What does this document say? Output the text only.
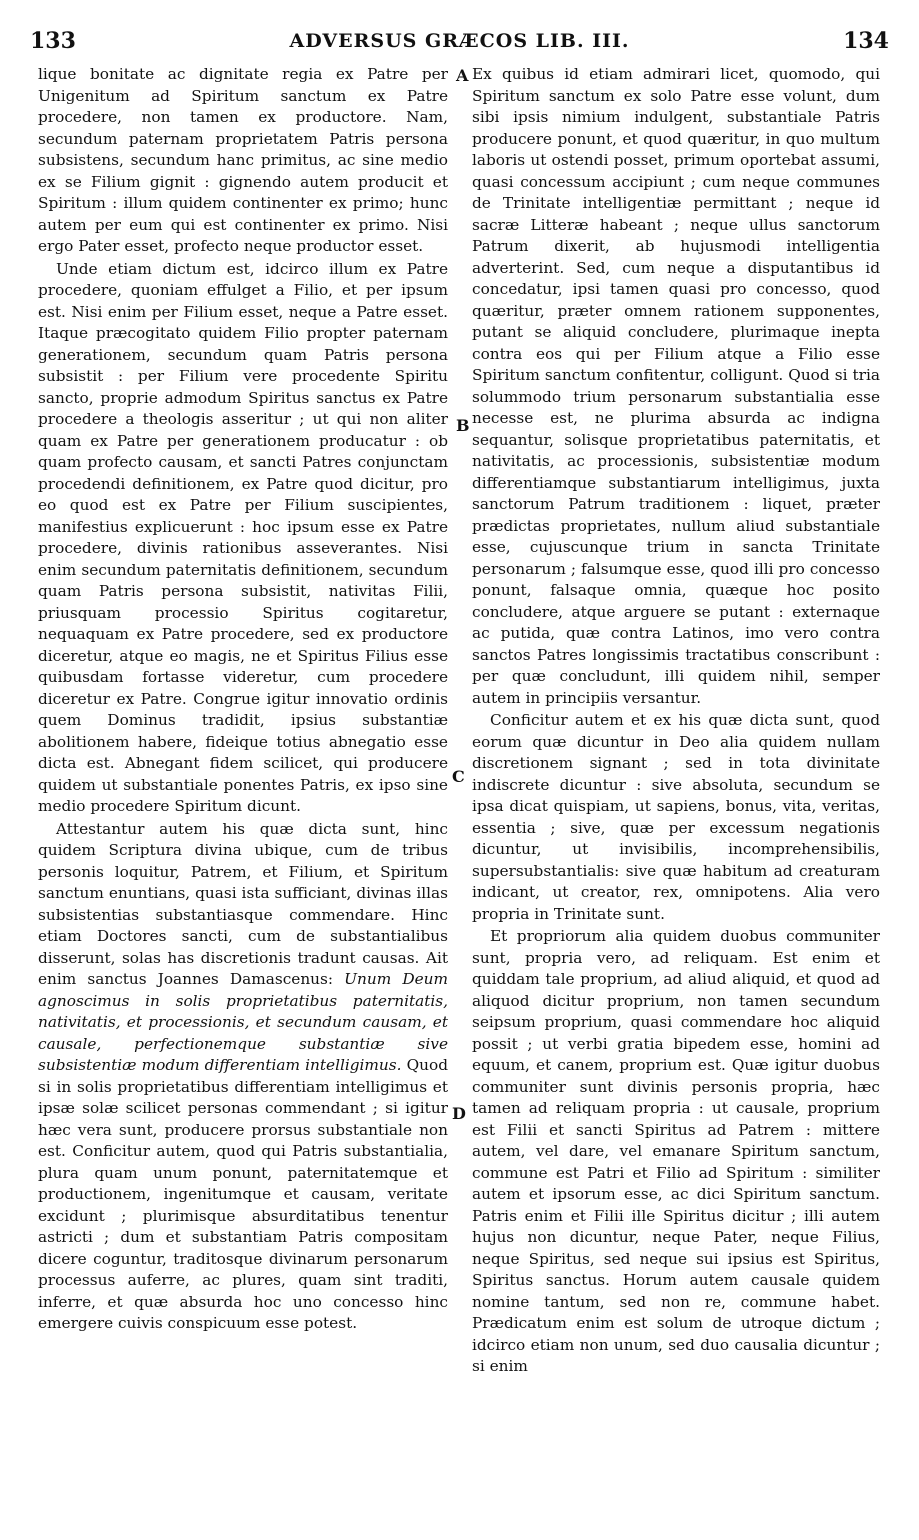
133	ADVERSUS GRÆCOS LIB. III.	134
A
B
C
D

lique bonitate ac dignitate regia ex Patre per Unigenitum ad Spiritum sanctum ex Patre procedere, non tamen ex productore. Nam, secundum paternam proprietatem Patris persona subsistens, secundum hanc primitus, ac sine medio ex se Filium gignit : gignendo autem producit et Spiritum : illum quidem continenter ex primo; hunc autem per eum qui est continenter ex primo. Nisi ergo Pater esset, profecto neque productor esset.

Unde etiam dictum est, idcirco illum ex Patre procedere, quoniam effulget a Filio, et per ipsum est. Nisi enim per Filium esset, neque a Patre esset. Itaque præcogitato quidem Filio propter paternam generationem, secundum quam Patris persona subsistit : per Filium vere procedente Spiritu sancto, proprie admodum Spiritus sanctus ex Patre procedere a theologis asseritur ; ut qui non aliter quam ex Patre per generationem producatur : ob quam profecto causam, et sancti Patres conjunctam procedendi definitionem, ex Patre quod dicitur, pro eo quod est ex Patre per Filium suscipientes, manifestius explicuerunt : hoc ipsum esse ex Patre procedere, divinis rationibus asseverantes. Nisi enim secundum paternitatis definitionem, secundum quam Patris persona subsistit, nativitas Filii, priusquam processio Spiritus cogitaretur, nequaquam ex Patre procedere, sed ex productore diceretur, atque eo magis, ne et Spiritus Filius esse quibusdam fortasse videretur, cum procedere diceretur ex Patre. Congrue igitur innovatio ordinis quem Dominus tradidit, ipsius substantiæ abolitionem habere, fideique totius abnegatio esse dicta est. Abnegant fidem scilicet, qui producere quidem ut substantiale ponentes Patris, ex ipso sine medio procedere Spiritum dicunt.

Attestantur autem his quæ dicta sunt, hinc quidem Scriptura divina ubique, cum de tribus personis loquitur, Patrem, et Filium, et Spiritum sanctum enuntians, quasi ista sufficiant, divinas illas subsistentias substantiasque commendare. Hinc etiam Doctores sancti, cum de substantialibus disserunt, solas has discretionis tradunt causas. Ait enim sanctus Joannes Damascenus: Unum Deum agnoscimus in solis proprietatibus paternitatis, nativitatis, et processionis, et secundum causam, et causale, perfectionemque substantiæ sive subsistentiæ modum differentiam intelligimus. Quod si in solis proprietatibus differentiam intelligimus et ipsæ solæ scilicet personas commendant ; si igitur hæc vera sunt, producere prorsus substantiale non est. Conficitur autem, quod qui Patris substantialia, plura quam unum ponunt, paternitatemque et productionem, ingenitumque et causam, veritate excidunt ; plurimisque absurditatibus tenentur astricti ; dum et substantiam Patris compositam dicere coguntur, traditosque divinarum personarum processus auferre, ac plures, quam sint traditi, inferre, et quæ absurda hoc uno concesso hinc emergere cuivis conspicuum esse potest.

Ex quibus id etiam admirari licet, quomodo, qui Spiritum sanctum ex solo Patre esse volunt, dum sibi ipsis nimium indulgent, substantiale Patris producere ponunt, et quod quæritur, in quo multum laboris ut ostendi posset, primum oportebat assumi, quasi concessum accipiunt ; cum neque communes de Trinitate intelligentiæ permittant ; neque id sacræ Litteræ habeant ; neque ullus sanctorum Patrum dixerit, ab hujusmodi intelligentia adverterint. Sed, cum neque a disputantibus id concedatur, ipsi tamen quasi pro concesso, quod quæritur, præter omnem rationem supponentes, putant se aliquid concludere, plurimaque inepta contra eos qui per Filium atque a Filio esse Spiritum sanctum confitentur, colligunt. Quod si tria solummodo trium personarum substantialia esse necesse est, ne plurima absurda ac indigna sequantur, solisque proprietatibus paternitatis, et nativitatis, ac processionis, subsistentiæ modum differentiamque substantiarum intelligimus, juxta sanctorum Patrum traditionem : liquet, præter prædictas proprietates, nullum aliud substantiale esse, cujuscunque trium in sancta Trinitate personarum ; falsumque esse, quod illi pro concesso ponunt, falsaque omnia, quæque hoc posito concludere, atque arguere se putant : externaque ac putida, quæ contra Latinos, imo vero contra sanctos Patres longissimis tractatibus conscribunt : per quæ concludunt, illi quidem nihil, semper autem in principiis versantur.

Conficitur autem et ex his quæ dicta sunt, quod eorum quæ dicuntur in Deo alia quidem nullam discretionem signant ; sed in tota divinitate indiscrete dicuntur : sive absoluta, secundum se ipsa dicat quispiam, ut sapiens, bonus, vita, veritas, essentia ; sive, quæ per excessum negationis dicuntur, ut invisibilis, incomprehensibilis, supersubstantialis: sive quæ habitum ad creaturam indicant, ut creator, rex, omnipotens. Alia vero propria in Trinitate sunt.

Et propriorum alia quidem duobus communiter sunt, propria vero, ad reliquam. Est enim et quiddam tale proprium, ad aliud aliquid, et quod ad aliquod dicitur proprium, non tamen secundum seipsum proprium, quasi commendare hoc aliquid possit ; ut verbi gratia bipedem esse, homini ad equum, et canem, proprium est. Quæ igitur duobus communiter sunt divinis personis propria, hæc tamen ad reliquam propria : ut causale, proprium est Filii et sancti Spiritus ad Patrem : mittere autem, vel dare, vel emanare Spiritum sanctum, commune est Patri et Filio ad Spiritum : similiter autem et ipsorum esse, ac dici Spiritum sanctum. Patris enim et Filii ille Spiritus dicitur ; illi autem hujus non dicuntur, neque Pater, neque Filius, neque Spiritus, sed neque sui ipsius est Spiritus, Spiritus sanctus. Horum autem causale quidem nomine tantum, sed non re, commune habet. Prædicatum enim est solum de utroque dictum ; idcirco etiam non unum, sed duo causalia dicuntur ; si enim
